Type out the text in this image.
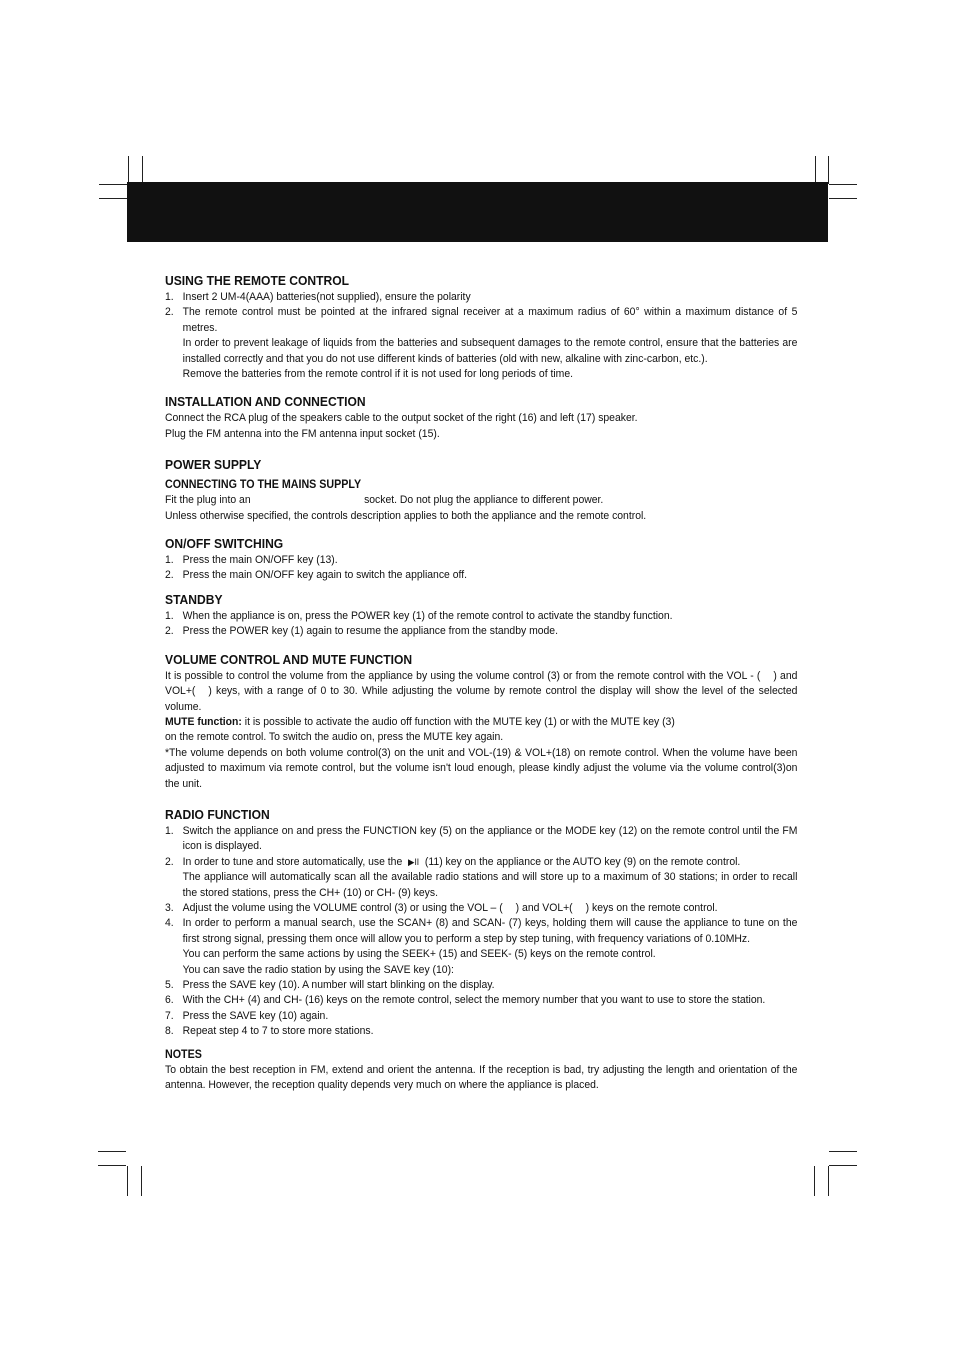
USING THE REMOTE CONTROL
1. Insert 2 UM-4(AAA) batteries(not supplied), ensure the polarity
2. The remote control must be pointed at the infrared signal receiver at a maximum radius of 60° within a maximum distance of 5 metres.

In order to prevent leakage of liquids from the batteries and subsequent damages to the remote control, ensure that the batteries are installed correctly and that you do not use different kinds of batteries (old with new, alkaline with zinc-carbon, etc.).

Remove the batteries from the remote control if it is not used for long periods of time.

INSTALLATION AND CONNECTION

Connect the RCA plug of the speakers cable to the output socket of the right (16) and left (17) speaker.

Plug the FM antenna into the FM antenna input socket (15).

POWER SUPPLY
CONNECTING TO THE MAINS SUPPLY

Fit the plug into an	socket. Do not plug the appliance to different power.

Unless otherwise specified, the controls description applies to both the appliance and the remote control.

ON/OFF SWITCHING
1. Press the main ON/OFF key (13).
2. Press the main ON/OFF key again to switch the appliance off.
STANDBY
1. When the appliance is on, press the POWER key (1) of the remote control to activate the standby function.
2. Press the POWER key (1) again to resume the appliance from the standby mode.
VOLUME CONTROL AND MUTE FUNCTION

It is possible to control the volume from the appliance by using the volume control (3) or from the remote control with the VOL - ( ) and VOL+( ) keys, with a range of 0 to 30. While adjusting the volume by remote control the display will show the level of the selected volume.

MUTE function: it is possible to activate the audio off function with the MUTE key (1) or with the MUTE key (3)

on the remote control. To switch the audio on, press the MUTE key again.

*The volume depends on both volume control(3) on the unit and VOL-(19) & VOL+(18) on remote control. When the volume have been adjusted to maximum via remote control, but the volume isn't loud enough, please kindly adjust the volume via the volume control(3)on the unit.

RADIO FUNCTION
1. Switch the appliance on and press the FUNCTION key (5) on the appliance or the MODE key (12) on the remote control until the FM icon is displayed.
2. In order to tune and store automatically, use the ▶II (11) key on the appliance or the AUTO key (9) on the remote control.
The appliance will automatically scan all the available radio stations and will store up to a maximum of 30 stations; in order to recall the stored stations, press the CH+ (10) or CH- (9) keys.
3. Adjust the volume using the VOLUME control (3) or using the VOL – ( ) and VOL+( ) keys on the remote control.
4. In order to perform a manual search, use the SCAN+ (8) and SCAN- (7) keys, holding them will cause the appliance to tune on the first strong signal, pressing them once will allow you to perform a step by step tuning, with frequency variations of 0.10MHz.
You can perform the same actions by using the SEEK+ (15) and SEEK- (5) keys on the remote control.
You can save the radio station by using the SAVE key (10):
5. Press the SAVE key (10). A number will start blinking on the display.
6. With the CH+ (4) and CH- (16) keys on the remote control, select the memory number that you want to use to store the station.
7. Press the SAVE key (10) again.
8. Repeat step 4 to 7 to store more stations.
NOTES

To obtain the best reception in FM, extend and orient the antenna. If the reception is bad, try adjusting the length and orientation of the antenna. However, the reception quality depends very much on where the appliance is placed.
